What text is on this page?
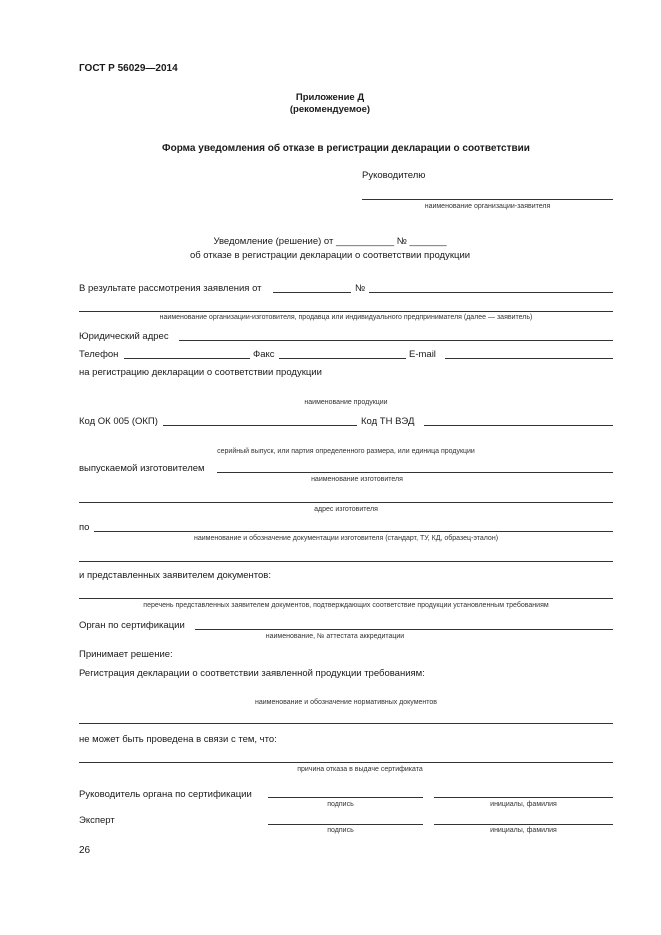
ГОСТ Р 56029—2014
Приложение Д
(рекомендуемое)
Форма уведомления об отказе в регистрации декларации о соответствии
Руководителю
наименование организации-заявителя
Уведомление (решение) от ___________ № _______
об отказе в регистрации декларации о соответствии продукции
В результате рассмотрения заявления от	№
наименование организации-изготовителя, продавца или индивидуального предпринимателя (далее — заявитель)
Юридический адрес
Телефон	Факс	E-mail
на регистрацию декларации о соответствии продукции
наименование продукции
Код ОК 005 (ОКП)	Код ТН ВЭД
серийный выпуск, или партия определенного размера, или единица продукции
выпускаемой изготовителем
наименование изготовителя
адрес изготовителя
по
наименование и обозначение документации изготовителя (стандарт, ТУ, КД, образец-эталон)
и представленных заявителем документов:
перечень представленных заявителем документов, подтверждающих соответствие продукции установленным требованиям
Орган по сертификации
наименование, № аттестата аккредитации
Принимает решение:
Регистрация декларации о соответствии заявленной продукции требованиям:
наименование и обозначение нормативных документов
не может быть проведена в связи с тем, что:
причина отказа в выдаче сертификата
Руководитель органа по сертификации
подпись	инициалы, фамилия
Эксперт
подпись	инициалы, фамилия
26
